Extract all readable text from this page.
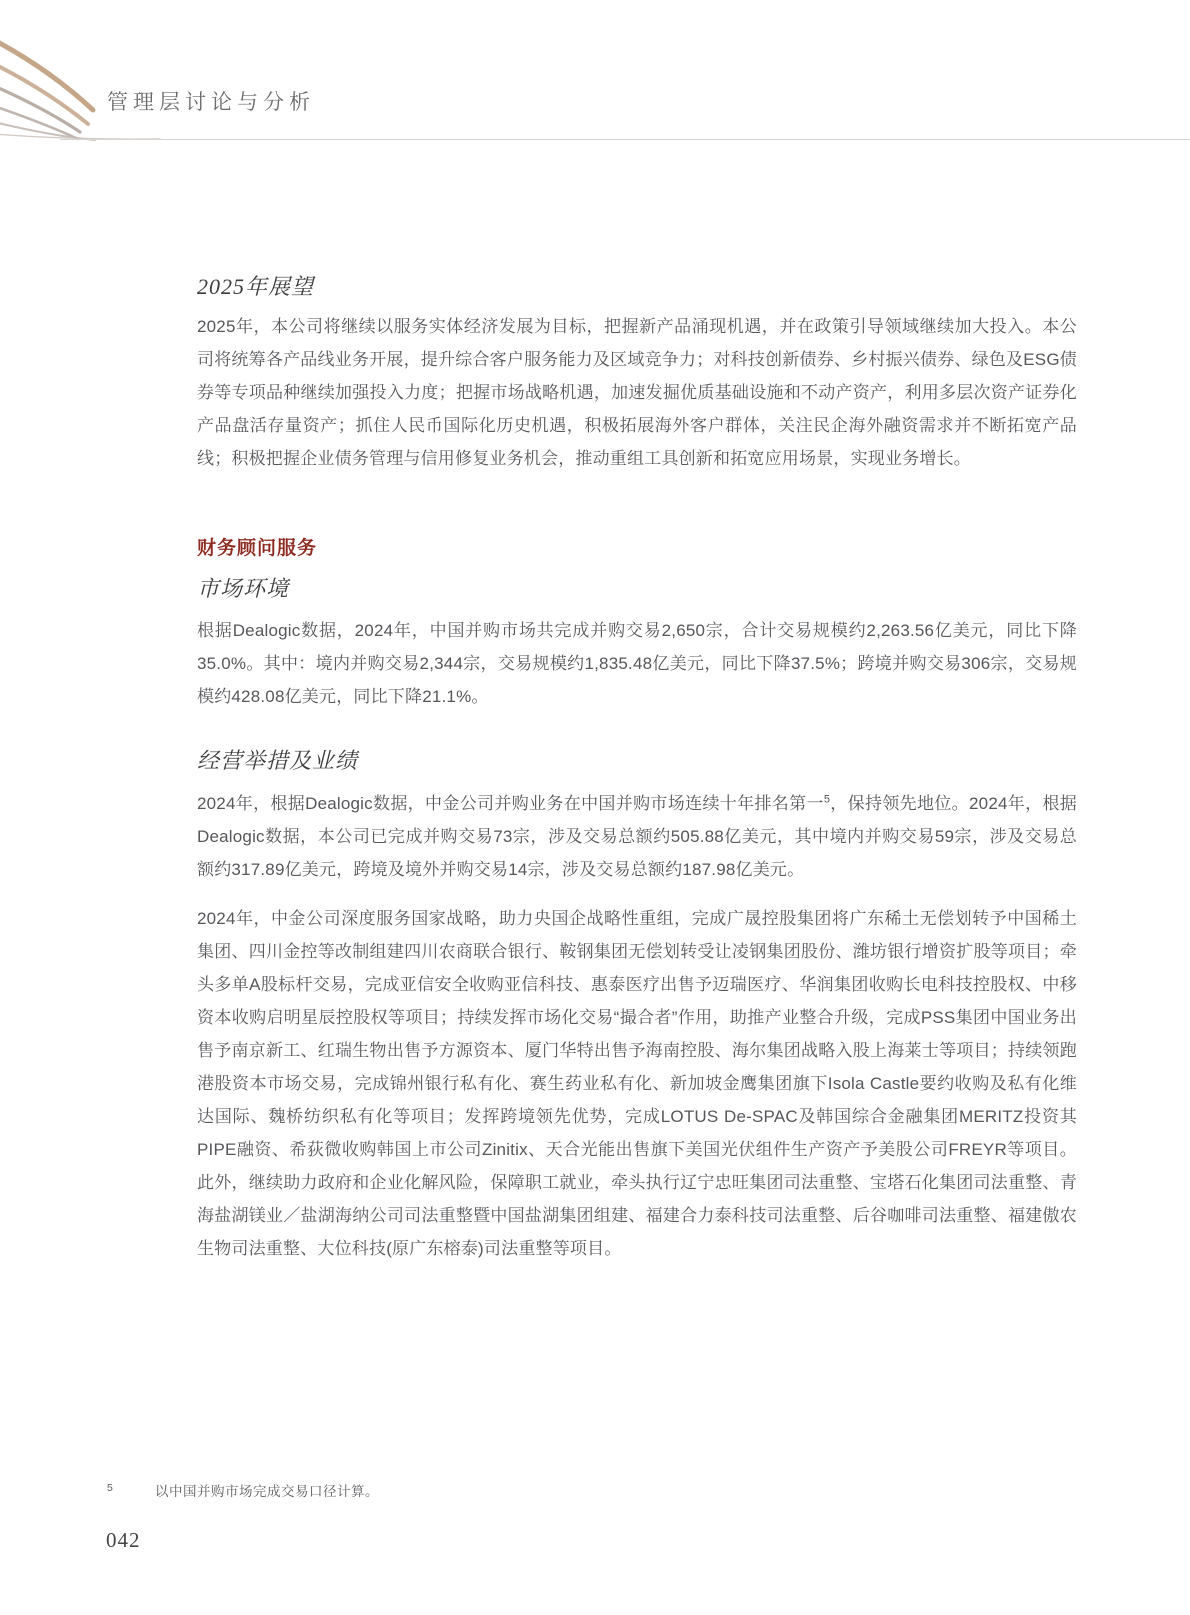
管理层讨论与分析
2025年展望
2025年，本公司将继续以服务实体经济发展为目标，把握新产品涌现机遇，并在政策引导领域继续加大投入。本公司将统筹各产品线业务开展，提升综合客户服务能力及区域竞争力；对科技创新债券、乡村振兴债券、绿色及ESG债券等专项品种继续加强投入力度；把握市场战略机遇，加速发掘优质基础设施和不动产资产，利用多层次资产证券化产品盘活存量资产；抓住人民币国际化历史机遇，积极拓展海外客户群体，关注民企海外融资需求并不断拓宽产品线；积极把握企业债务管理与信用修复业务机会，推动重组工具创新和拓宽应用场景，实现业务增长。
财务顾问服务
市场环境
根据Dealogic数据，2024年，中国并购市场共完成并购交易2,650宗，合计交易规模约2,263.56亿美元，同比下降35.0%。其中：境内并购交易2,344宗，交易规模约1,835.48亿美元，同比下降37.5%；跨境并购交易306宗，交易规模约428.08亿美元，同比下降21.1%。
经营举措及业绩
2024年，根据Dealogic数据，中金公司并购业务在中国并购市场连续十年排名第一$^5$，保持领先地位。2024年，根据Dealogic数据，本公司已完成并购交易73宗，涉及交易总额约505.88亿美元，其中境内并购交易59宗，涉及交易总额约317.89亿美元，跨境及境外并购交易14宗，涉及交易总额约187.98亿美元。
2024年，中金公司深度服务国家战略，助力央国企战略性重组，完成广晟控股集团将广东稀土无偿划转予中国稀土集团、四川金控等改制组建四川农商联合银行、鞍钢集团无偿划转受让凌钢集团股份、潍坊银行增资扩股等项目；牵头多单A股标杆交易，完成亚信安全收购亚信科技、惠泰医疗出售予迈瑞医疗、华润集团收购长电科技控股权、中移资本收购启明星辰控股权等项目；持续发挥市场化交易“撮合者”作用，助推产业整合升级，完成PSS集团中国业务出售予南京新工、红瑞生物出售予方源资本、厦门华特出售予海南控股、海尔集团战略入股上海莱士等项目；持续领跑港股资本市场交易，完成锦州银行私有化、赛生药业私有化、新加坡金鹰集团旗下Isola Castle要约收购及私有化维达国际、魏桥纺织私有化等项目；发挥跨境领先优势，完成LOTUS De-SPAC及韩国综合金融集团MERITZ投资其PIPE融资、希荻微收购韩国上市公司Zinitix、天合光能出售旗下美国光伏组件生产资产予美股公司FREYR等项目。此外，继续助力政府和企业化解风险，保障职工就业，牵头执行辽宁忠旺集团司法重整、宝塔石化集团司法重整、青海盐湖镁业／盐湖海纳公司司法重整暨中国盐湖集团组建、福建合力泰科技司法重整、后谷咖啡司法重整、福建傲农生物司法重整、大位科技(原广东榕泰)司法重整等项目。
5	以中国并购市场完成交易口径计算。
042
